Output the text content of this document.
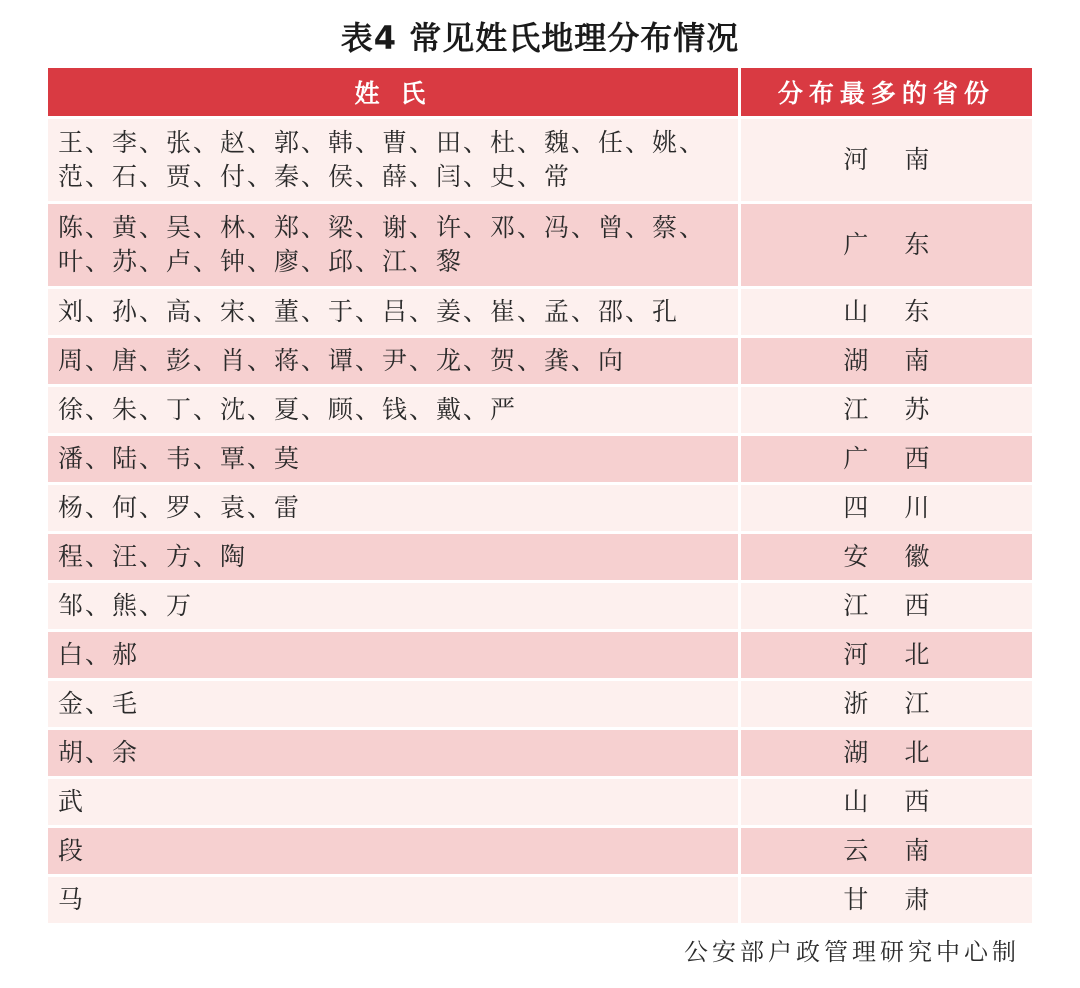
表4 常见姓氏地理分布情况
姓 氏	分布最多的省份
王、李、张、赵、郭、韩、曹、田、杜、魏、任、姚、
范、石、贾、付、秦、侯、薛、闫、史、常	河 南
陈、黄、吴、林、郑、梁、谢、许、邓、冯、曾、蔡、
叶、苏、卢、钟、廖、邱、江、黎	广 东
刘、孙、高、宋、董、于、吕、姜、崔、孟、邵、孔	山 东
周、唐、彭、肖、蒋、谭、尹、龙、贺、龚、向	湖 南
徐、朱、丁、沈、夏、顾、钱、戴、严	江 苏
潘、陆、韦、覃、莫	广 西
杨、何、罗、袁、雷	四 川
程、汪、方、陶	安 徽
邹、熊、万	江 西
白、郝	河 北
金、毛	浙 江
胡、余	湖 北
武	山 西
段	云 南
马	甘 肃
公安部户政管理研究中心制
